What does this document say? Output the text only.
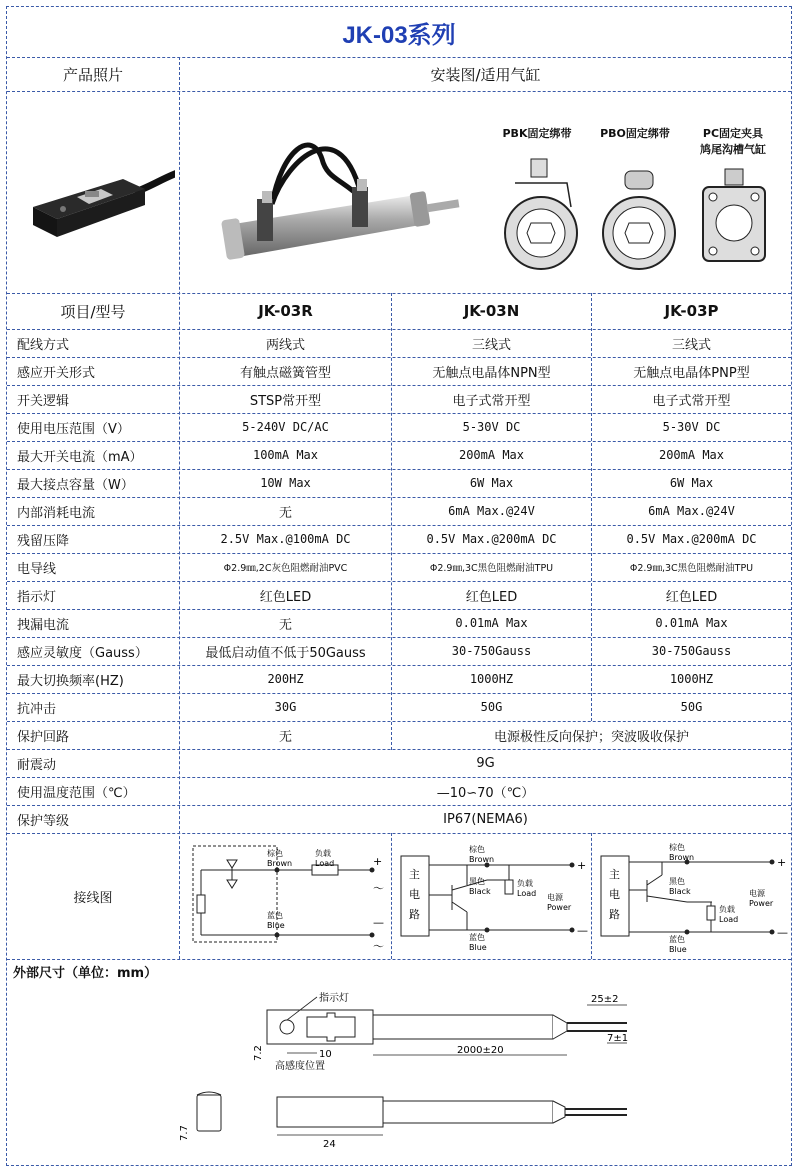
JK-03系列
产品照片	安装图/适用气缸
PBK固定绑带	PBO固定绑带	PC固定夹具
鸠尾沟槽气缸
项目/型号	JK-03R	JK-03N	JK-03P
配线方式	两线式	三线式	三线式
感应开关形式	有触点磁簧管型	无触点电晶体NPN型	无触点电晶体PNP型
开关逻辑	STSP常开型	电子式常开型	电子式常开型
使用电压范围（V）	5-240V DC/AC	5-30V DC	5-30V DC
最大开关电流（mA）	100mA Max	200mA Max	200mA Max
最大接点容量（W）	10W Max	6W Max	6W Max
内部消耗电流	无	6mA Max.@24V	6mA Max.@24V
残留压降	2.5V Max.@100mA DC	0.5V Max.@200mA DC	0.5V Max.@200mA DC
电导线	Φ2.9㎜,2C灰色阻燃耐油PVC	Φ2.9㎜,3C黑色阻燃耐油TPU	Φ2.9㎜,3C黑色阻燃耐油TPU
指示灯	红色LED	红色LED	红色LED
拽漏电流	无	0.01mA Max	0.01mA Max
感应灵敏度（Gauss）	最低启动值不低于50Gauss	30-750Gauss	30-750Gauss
最大切换频率(HZ)	200HZ	1000HZ	1000HZ
抗冲击	30G	50G	50G
保护回路	无	电源极性反向保护；突波吸收保护
耐震动	9G
使用温度范围（℃）	—10∽70（℃）
保护等级	IP67(NEMA6)
接线图
棕色
Brown
负载
Load
蓝色
Blue
+
～
—
～
主
电
路
棕色
Brown
黑色
Black
负载
Load 电源
Power
蓝色
Blue
+
—
主
电
路
棕色
Brown
黑色
Black
负载
Load
电源
Power
蓝色
Blue
+
—
外部尺寸（单位：mm）
指示灯	25±2
7±1
2000±20
10
7.2
高感度位置
24
7.7
